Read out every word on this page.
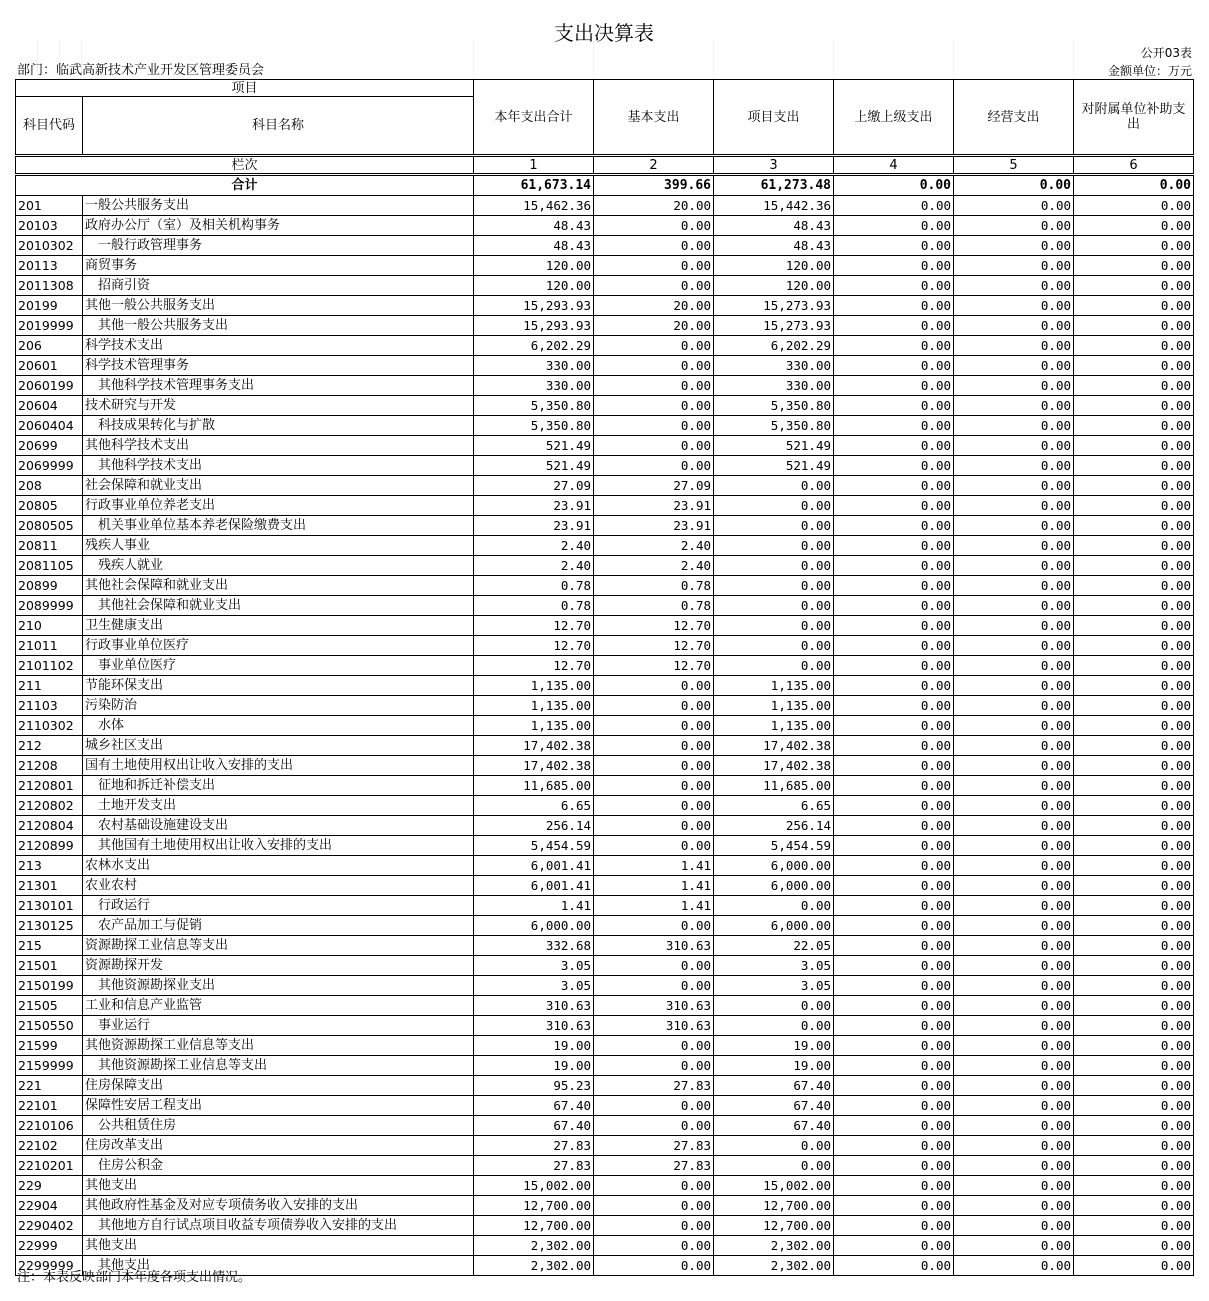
支出决算表
公开03表
部门：临武高新技术产业开发区管理委员会	金额单位：万元
项目		本年支出合计	基本支出	项目支出	上缴上级支出	经营支出	对附属单位补助支出
科目代码	科目名称						
栏次		1	2	3	4	5	6
合计		61,673.14	399.66	61,273.48	0.00	0.00	0.00
201	一般公共服务支出	15,462.36	20.00	15,442.36	0.00	0.00	0.00
20103	政府办公厅（室）及相关机构事务	48.43	0.00	48.43	0.00	0.00	0.00
2010302	　一般行政管理事务	48.43	0.00	48.43	0.00	0.00	0.00
20113	商贸事务	120.00	0.00	120.00	0.00	0.00	0.00
2011308	　招商引资	120.00	0.00	120.00	0.00	0.00	0.00
20199	其他一般公共服务支出	15,293.93	20.00	15,273.93	0.00	0.00	0.00
2019999	　其他一般公共服务支出	15,293.93	20.00	15,273.93	0.00	0.00	0.00
206	科学技术支出	6,202.29	0.00	6,202.29	0.00	0.00	0.00
20601	科学技术管理事务	330.00	0.00	330.00	0.00	0.00	0.00
2060199	　其他科学技术管理事务支出	330.00	0.00	330.00	0.00	0.00	0.00
20604	技术研究与开发	5,350.80	0.00	5,350.80	0.00	0.00	0.00
2060404	　科技成果转化与扩散	5,350.80	0.00	5,350.80	0.00	0.00	0.00
20699	其他科学技术支出	521.49	0.00	521.49	0.00	0.00	0.00
2069999	　其他科学技术支出	521.49	0.00	521.49	0.00	0.00	0.00
208	社会保障和就业支出	27.09	27.09	0.00	0.00	0.00	0.00
20805	行政事业单位养老支出	23.91	23.91	0.00	0.00	0.00	0.00
2080505	　机关事业单位基本养老保险缴费支出	23.91	23.91	0.00	0.00	0.00	0.00
20811	残疾人事业	2.40	2.40	0.00	0.00	0.00	0.00
2081105	　残疾人就业	2.40	2.40	0.00	0.00	0.00	0.00
20899	其他社会保障和就业支出	0.78	0.78	0.00	0.00	0.00	0.00
2089999	　其他社会保障和就业支出	0.78	0.78	0.00	0.00	0.00	0.00
210	卫生健康支出	12.70	12.70	0.00	0.00	0.00	0.00
21011	行政事业单位医疗	12.70	12.70	0.00	0.00	0.00	0.00
2101102	　事业单位医疗	12.70	12.70	0.00	0.00	0.00	0.00
211	节能环保支出	1,135.00	0.00	1,135.00	0.00	0.00	0.00
21103	污染防治	1,135.00	0.00	1,135.00	0.00	0.00	0.00
2110302	　水体	1,135.00	0.00	1,135.00	0.00	0.00	0.00
212	城乡社区支出	17,402.38	0.00	17,402.38	0.00	0.00	0.00
21208	国有土地使用权出让收入安排的支出	17,402.38	0.00	17,402.38	0.00	0.00	0.00
2120801	　征地和拆迁补偿支出	11,685.00	0.00	11,685.00	0.00	0.00	0.00
2120802	　土地开发支出	6.65	0.00	6.65	0.00	0.00	0.00
2120804	　农村基础设施建设支出	256.14	0.00	256.14	0.00	0.00	0.00
2120899	　其他国有土地使用权出让收入安排的支出	5,454.59	0.00	5,454.59	0.00	0.00	0.00
213	农林水支出	6,001.41	1.41	6,000.00	0.00	0.00	0.00
21301	农业农村	6,001.41	1.41	6,000.00	0.00	0.00	0.00
2130101	　行政运行	1.41	1.41	0.00	0.00	0.00	0.00
2130125	　农产品加工与促销	6,000.00	0.00	6,000.00	0.00	0.00	0.00
215	资源勘探工业信息等支出	332.68	310.63	22.05	0.00	0.00	0.00
21501	资源勘探开发	3.05	0.00	3.05	0.00	0.00	0.00
2150199	　其他资源勘探业支出	3.05	0.00	3.05	0.00	0.00	0.00
21505	工业和信息产业监管	310.63	310.63	0.00	0.00	0.00	0.00
2150550	　事业运行	310.63	310.63	0.00	0.00	0.00	0.00
21599	其他资源勘探工业信息等支出	19.00	0.00	19.00	0.00	0.00	0.00
2159999	　其他资源勘探工业信息等支出	19.00	0.00	19.00	0.00	0.00	0.00
221	住房保障支出	95.23	27.83	67.40	0.00	0.00	0.00
22101	保障性安居工程支出	67.40	0.00	67.40	0.00	0.00	0.00
2210106	　公共租赁住房	67.40	0.00	67.40	0.00	0.00	0.00
22102	住房改革支出	27.83	27.83	0.00	0.00	0.00	0.00
2210201	　住房公积金	27.83	27.83	0.00	0.00	0.00	0.00
229	其他支出	15,002.00	0.00	15,002.00	0.00	0.00	0.00
22904	其他政府性基金及对应专项债务收入安排的支出	12,700.00	0.00	12,700.00	0.00	0.00	0.00
2290402	　其他地方自行试点项目收益专项债券收入安排的支出	12,700.00	0.00	12,700.00	0.00	0.00	0.00
22999	其他支出	2,302.00	0.00	2,302.00	0.00	0.00	0.00
2299999	　其他支出	2,302.00	0.00	2,302.00	0.00	0.00	0.00
注：本表反映部门本年度各项支出情况。
